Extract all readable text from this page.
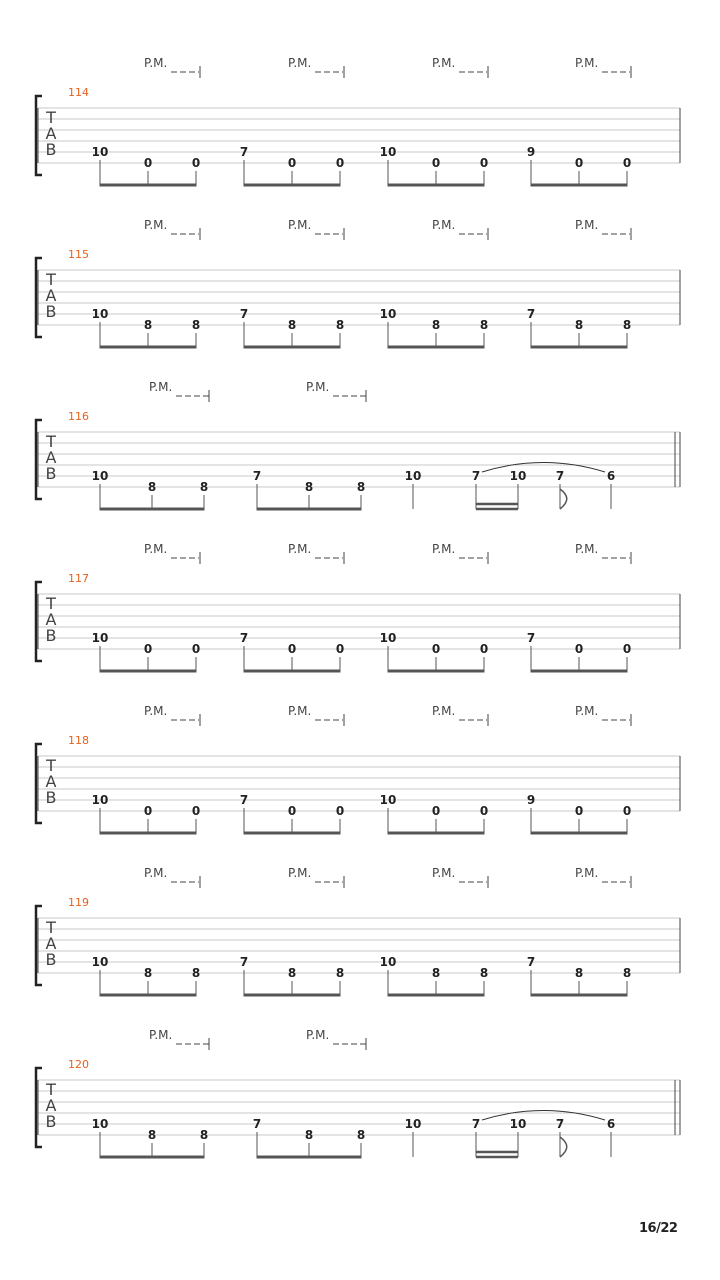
T
A
B
114
P.M.
10
0	0
P.M.
7
0	0
P.M.
10
0	0
P.M.
9
0	0
T
A
B
115
P.M.
10
8	8
P.M.
7
8	8
P.M.
10
8	8
P.M.
7
8	8
T
A
B
116
P.M.
10
8	8
P.M.
7
8	8
10	7 10 7	6
T
A
B
117
P.M.
10
0	0
P.M.
7
0	0
P.M.
10
0	0
P.M.
7
0	0
T
A
B
118
P.M.
10
0	0
P.M.
7
0	0
P.M.
10
0	0
P.M.
9
0	0
T
A
B
119
P.M.
10
8	8
P.M.
7
8	8
P.M.
10
8	8
P.M.
7
8	8
T
A
B
120
P.M.
10
8	8
P.M.
7
8	8
10	7 10 7	6
16/22
